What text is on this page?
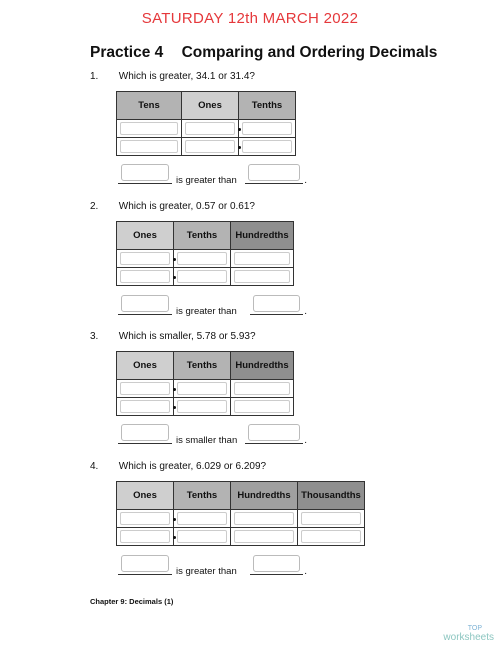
SATURDAY 12th MARCH 2022
Practice 4 Comparing and Ordering Decimals
1. Which is greater, 34.1 or 31.4?
Tens	Ones	Tenths

is greater than	.
2. Which is greater, 0.57 or 0.61?
Ones	Tenths	Hundredths

is greater than	.
3. Which is smaller, 5.78 or 5.93?
Ones	Tenths	Hundredths

is smaller than	.
4. Which is greater, 6.029 or 6.209?
Ones	Tenths	Hundredths	Thousandths

is greater than	.
Chapter 9: Decimals (1)
TOP
worksheets
